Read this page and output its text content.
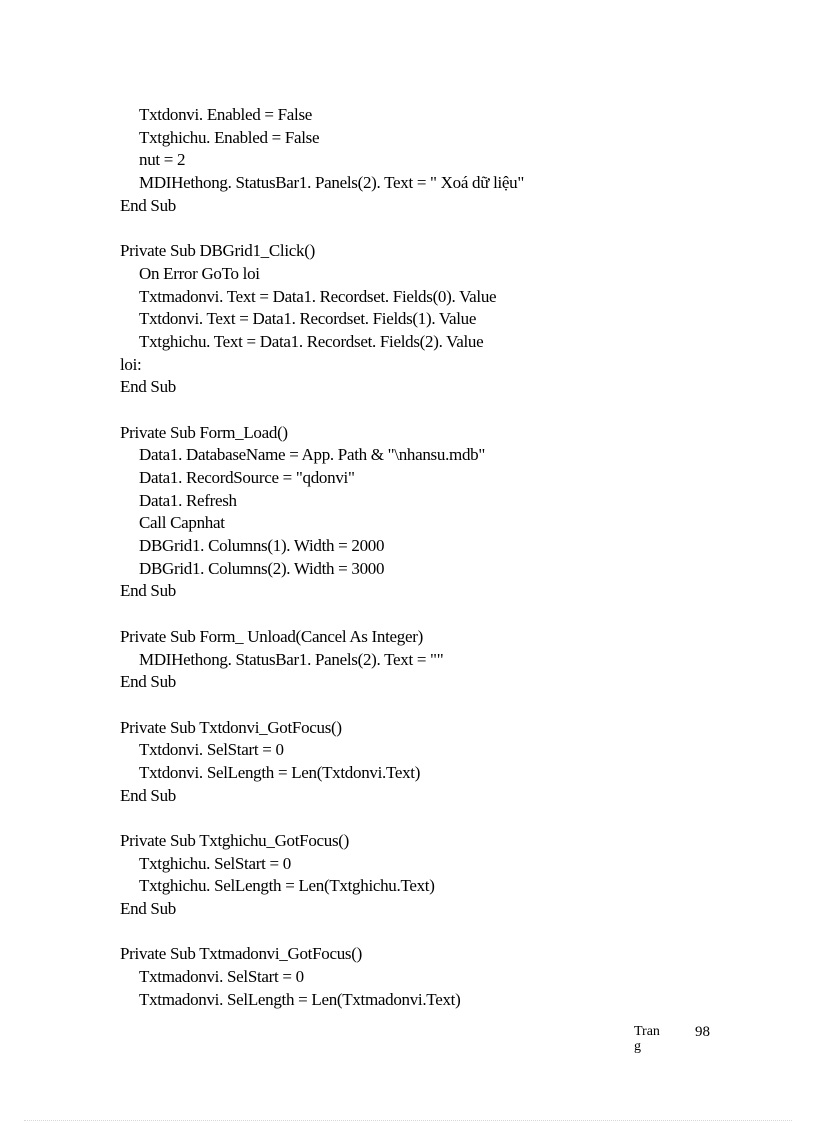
Txtdonvi. Enabled = False
Txtghichu. Enabled = False
nut = 2
MDIHethong. StatusBar1. Panels(2). Text = " Xoá dữ liệu"
End Sub
Private Sub DBGrid1_Click()
On Error GoTo loi
Txtmadonvi. Text = Data1. Recordset. Fields(0). Value
Txtdonvi. Text = Data1. Recordset. Fields(1). Value
Txtghichu. Text = Data1. Recordset. Fields(2). Value
loi:
End Sub
Private Sub Form_Load()
Data1. DatabaseName = App. Path & "\nhansu.mdb"
Data1. RecordSource = "qdonvi"
Data1. Refresh
Call Capnhat
DBGrid1. Columns(1). Width = 2000
DBGrid1. Columns(2). Width = 3000
End Sub
Private Sub Form_ Unload(Cancel As Integer)
MDIHethong. StatusBar1. Panels(2). Text = ""
End Sub
Private Sub Txtdonvi_GotFocus()
Txtdonvi. SelStart = 0
Txtdonvi. SelLength = Len(Txtdonvi.Text)
End Sub
Private Sub Txtghichu_GotFocus()
Txtghichu. SelStart = 0
Txtghichu. SelLength = Len(Txtghichu.Text)
End Sub
Private Sub Txtmadonvi_GotFocus()
Txtmadonvi. SelStart = 0
Txtmadonvi. SelLength = Len(Txtmadonvi.Text)
Trang
98
